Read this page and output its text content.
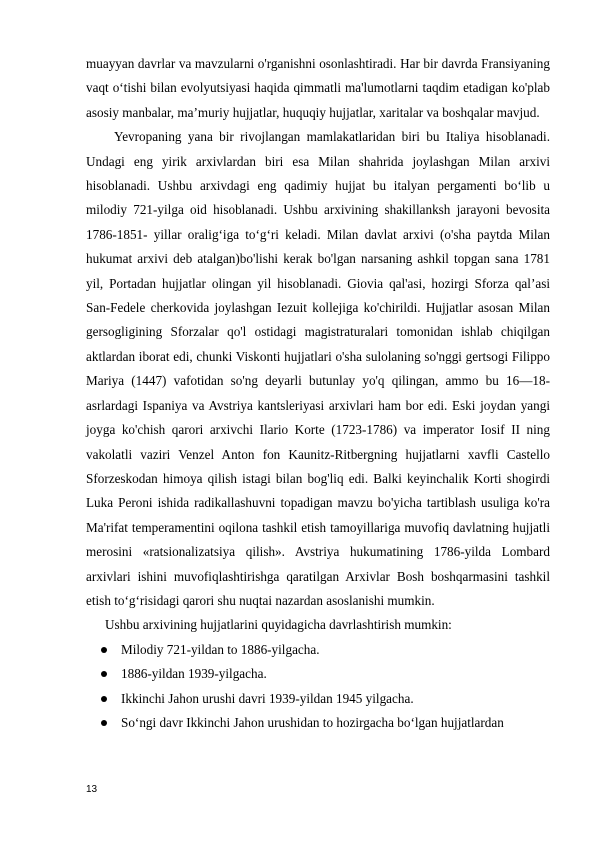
muayyan davrlar va mavzularni o'rganishni osonlashtiradi. Har bir davrda Fransiyaning vaqt o‘tishi bilan evolyutsiyasi haqida qimmatli ma'lumotlarni taqdim etadigan ko'plab asosiy manbalar, maʼmuriy hujjatlar, huquqiy hujjatlar, xaritalar va boshqalar mavjud.

Yevropaning yana bir rivojlangan mamlakatlaridan biri bu Italiya hisoblanadi. Undagi eng yirik arxivlardan biri esa Milan shahrida joylashgan Milan arxivi hisoblanadi. Ushbu arxivdagi eng qadimiy hujjat bu italyan pergamenti bo‘lib u milodiy 721-yilga oid hisoblanadi. Ushbu arxivining shakillanksh jarayoni bevosita 1786-1851- yillar oralig‘iga to‘g‘ri keladi. Milan davlat arxivi (o'sha paytda Milan hukumat arxivi deb atalgan)bo'lishi kerak bo'lgan narsaning ashkil topgan sana 1781 yil, Portadan hujjatlar olingan yil hisoblanadi. Giovia qal'asi, hozirgi Sforza qalʼasi San-Fedele cherkovida joylashgan Iezuit kollejiga ko'chirildi. Hujjatlar asosan Milan gersogligining Sforzalar qo'l ostidagi magistraturalari tomonidan ishlab chiqilgan aktlardan iborat edi, chunki Viskonti hujjatlari o'sha sulolaning so'nggi gertsogi Filippo Mariya (1447) vafotidan so'ng deyarli butunlay yo'q qilingan, ammo bu 16—18-asrlardagi Ispaniya va Avstriya kantsleriyasi arxivlari ham bor edi. Eski joydan yangi joyga ko'chish qarori arxivchi Ilario Korte (1723-1786) va imperator Iosif II ning vakolatli vaziri Venzel Anton fon Kaunitz-Ritbergning hujjatlarni xavfli Castello Sforzeskodan himoya qilish istagi bilan bog'liq edi. Balki keyinchalik Korti shogirdi Luka Peroni ishida radikallashuvni topadigan mavzu bo'yicha tartiblash usuliga ko'ra Ma'rifat temperamentini oqilona tashkil etish tamoyillariga muvofiq davlatning hujjatli merosini «ratsionalizatsiya qilish». Avstriya hukumatining 1786-yilda Lombard arxivlari ishini muvofiqlashtirishga qaratilgan Arxivlar Bosh boshqarmasini tashkil etish to‘g‘risidagi qarori shu nuqtai nazardan asoslanishi mumkin.

Ushbu arxivining hujjatlarini quyidagicha davrlashtirish mumkin:

Milodiy 721-yildan to 1886-yilgacha.
1886-yildan 1939-yilgacha.
Ikkinchi Jahon urushi davri 1939-yildan 1945 yilgacha.
So‘ngi davr Ikkinchi Jahon urushidan to hozirgacha bo‘lgan hujjatlardan
13
